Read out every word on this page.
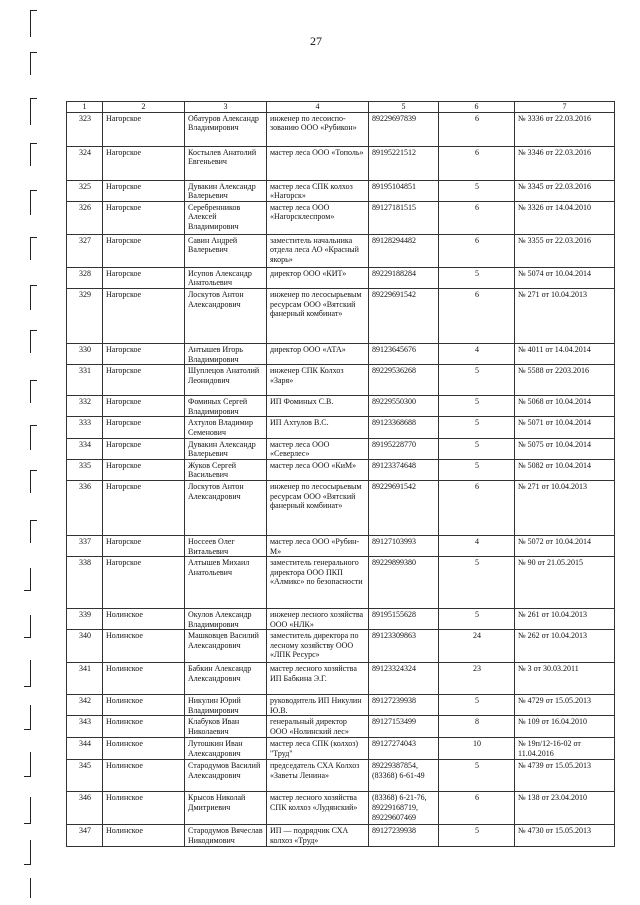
27
1	2	3	4	5	6	7
323	Нагорское	Обатуров Александр Владимирович	инженер по лесоиспо-зованию ООО «Рубикон»	89229697839	6	№ 3336 от 22.03.2016
324	Нагорское	Костылев Анатолий Евгеньевич	мастер леса ООО «Тополь»	89195221512	6	№ 3346 от 22.03.2016
325	Нагорское	Дувакин Александр Валерьевич	мастер леса СПК колхоз «Нагорск»	89195104851	5	№ 3345 от 22.03.2016
326	Нагорское	Серебренников Алексей Владимирович	мастер леса ООО «Нагорсклеспром»	89127181515	6	№ 3326 от 14.04.2010
327	Нагорское	Савин Андрей Валерьевич	заместитель начальника отдела леса АО «Красный якорь»	89128294482	6	№ 3355 от 22.03.2016
328	Нагорское	Исупов Александр Анатольевич	директор ООО «КИТ»	89229188284	5	№ 5074 от 10.04.2014
329	Нагорское	Лоскутов Антон Александрович	инженер по лесосырьевым ресурсам ООО «Вятский фанерный комбинат»	89229691542	6	№ 271 от 10.04.2013
330	Нагорское	Антышев Игорь Владимирович	директор ООО «АТА»	89123645676	4	№ 4011 от 14.04.2014
331	Нагорское	Шуплецов Анатолий Леонидович	инженер СПК Колхоз «Заря»	89229536268	5	№ 5588 от 2203.2016
332	Нагорское	Фоминых Сергей Владимирович	ИП Фоминых С.В.	89229550300	5	№ 5068 от 10.04.2014
333	Нагорское	Ахтулов Владимир Семенович	ИП Ахтулов В.С.	89123368688	5	№ 5071 от 10.04.2014
334	Нагорское	Дувакин Александр Валерьевич	мастер леса ООО «Северлес»	89195228770	5	№ 5075 от 10.04.2014
335	Нагорское	Жуков Сергей Васильевич	мастер леса ООО «КиМ»	89123374648	5	№ 5082 от 10.04.2014
336	Нагорское	Лоскутов Антон Александрович	инженер по лесосырьевым ресурсам ООО «Вятский фанерный комбинат»	89229691542	6	№ 271 от 10.04.2013
337	Нагорское	Носсеев Олег Витальевич	мастер леса ООО «Рубин-М»	89127103993	4	№ 5072 от 10.04.2014
338	Нагорское	Алтышев Михаил Анатольевич	заместитель генерального директора ООО ПКП «Алмикс» по безопасности	89229899380	5	№ 90 от 21.05.2015
339	Нолинское	Окулов Александр Владимирович	инженер лесного хозяйства ООО «НЛК»	89195155628	5	№ 261 от 10.04.2013
340	Нолинское	Машковцев Василий Александрович	заместитель директора по лесному хозяйству ООО «ЛПК Ресурс»	89123309863	24	№ 262 от 10.04.2013
341	Нолинское	Бабкин Александр Александрович	мастер лесного хозяйства ИП Бабкина Э.Г.	89123324324	23	№ 3 от 30.03.2011
342	Нолинское	Никулин Юрий Владимирович	руководитель ИП Никулин Ю.В.	89127239938	5	№ 4729 от 15.05.2013
343	Нолинское	Клабуков Иван Николаевич	генеральный директор ООО «Нолинский лес»	89127153499	8	№ 109 от 16.04.2010
344	Нолинское	Лутошкин Иван Александрович	мастер леса СПК (колхоз) "Труд"	89127274043	10	№ 19п/12-16-02 от 11.04.2016
345	Нолинское	Стародумов Василий Александрович	председатель СХА Колхоз «Заветы Ленина»	89229387854, (83368) 6-61-49	5	№ 4739 от 15.05.2013
346	Нолинское	Крысов Николай Дмитриевич	мастер лесного хозяйства СПК колхоз «Лудянский»	(83368) 6-21-76, 89229168719, 89229607469	6	№ 138 от 23.04.2010
347	Нолинское	Стародумов Вячеслав Никодимович	ИП — подрядчик СХА колхоз «Труд»	89127239938	5	№ 4730 от 15.05.2013
